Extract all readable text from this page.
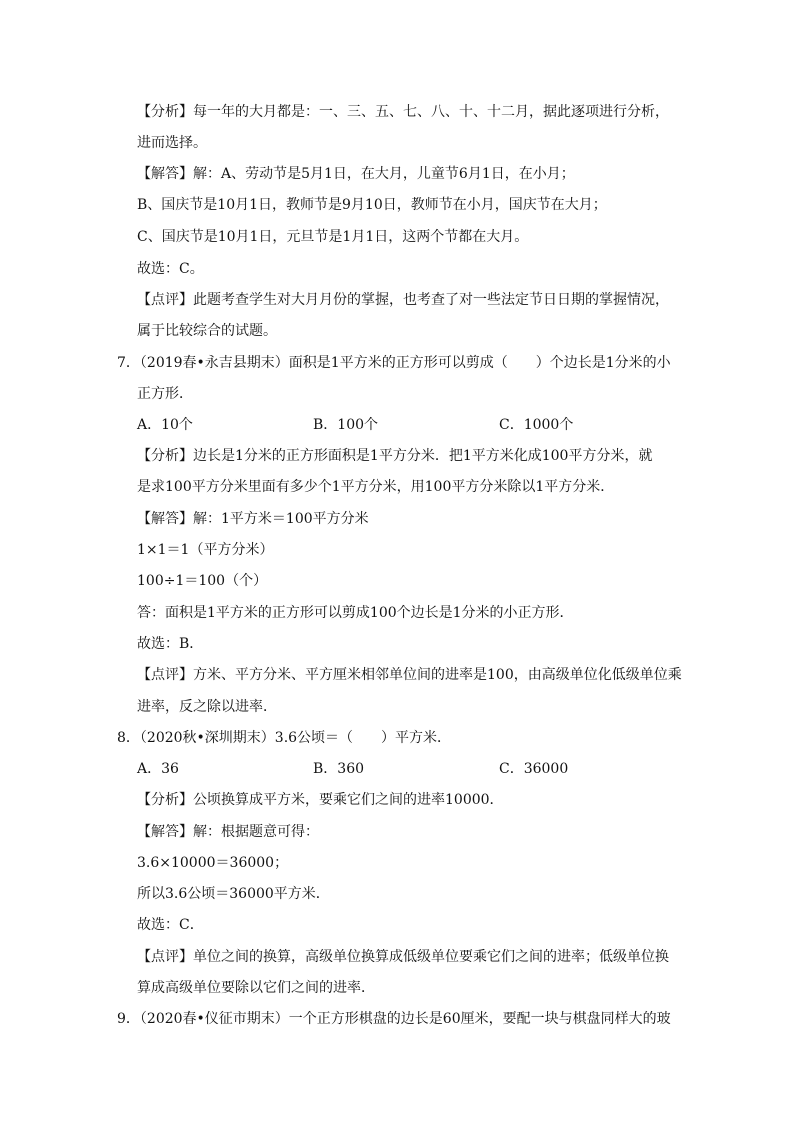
【分析】每一年的大月都是：一、三、五、七、八、十、十二月，据此逐项进行分析，
进而选择。
【解答】解：A、劳动节是5月1日，在大月，儿童节6月1日，在小月；
B、国庆节是10月1日，教师节是9月10日，教师节在小月，国庆节在大月；
C、国庆节是10月1日，元旦节是1月1日，这两个节都在大月。
故选：C。
【点评】此题考查学生对大月月份的掌握，也考查了对一些法定节日日期的掌握情况，
属于比较综合的试题。
7．（2019春•永吉县期末）面积是1平方米的正方形可以剪成（　　）个边长是1分米的小
正方形．
A．10个	B．100个	C．1000个
【分析】边长是1分米的正方形面积是1平方分米．把1平方米化成100平方分米，就
是求100平方分米里面有多少个1平方分米，用100平方分米除以1平方分米．
【解答】解：1平方米＝100平方分米
1×1＝1（平方分米）
100÷1＝100（个）
答：面积是1平方米的正方形可以剪成100个边长是1分米的小正方形．
故选：B．
【点评】方米、平方分米、平方厘米相邻单位间的进率是100，由高级单位化低级单位乘
进率，反之除以进率．
8．（2020秋•深圳期末）3.6公顷＝（　　）平方米．
A．36	B．360	C．36000
【分析】公顷换算成平方米，要乘它们之间的进率10000．
【解答】解：根据题意可得：
3.6×10000＝36000；
所以3.6公顷＝36000平方米．
故选：C．
【点评】单位之间的换算，高级单位换算成低级单位要乘它们之间的进率；低级单位换
算成高级单位要除以它们之间的进率．
9．（2020春•仪征市期末）一个正方形棋盘的边长是60厘米，要配一块与棋盘同样大的玻
